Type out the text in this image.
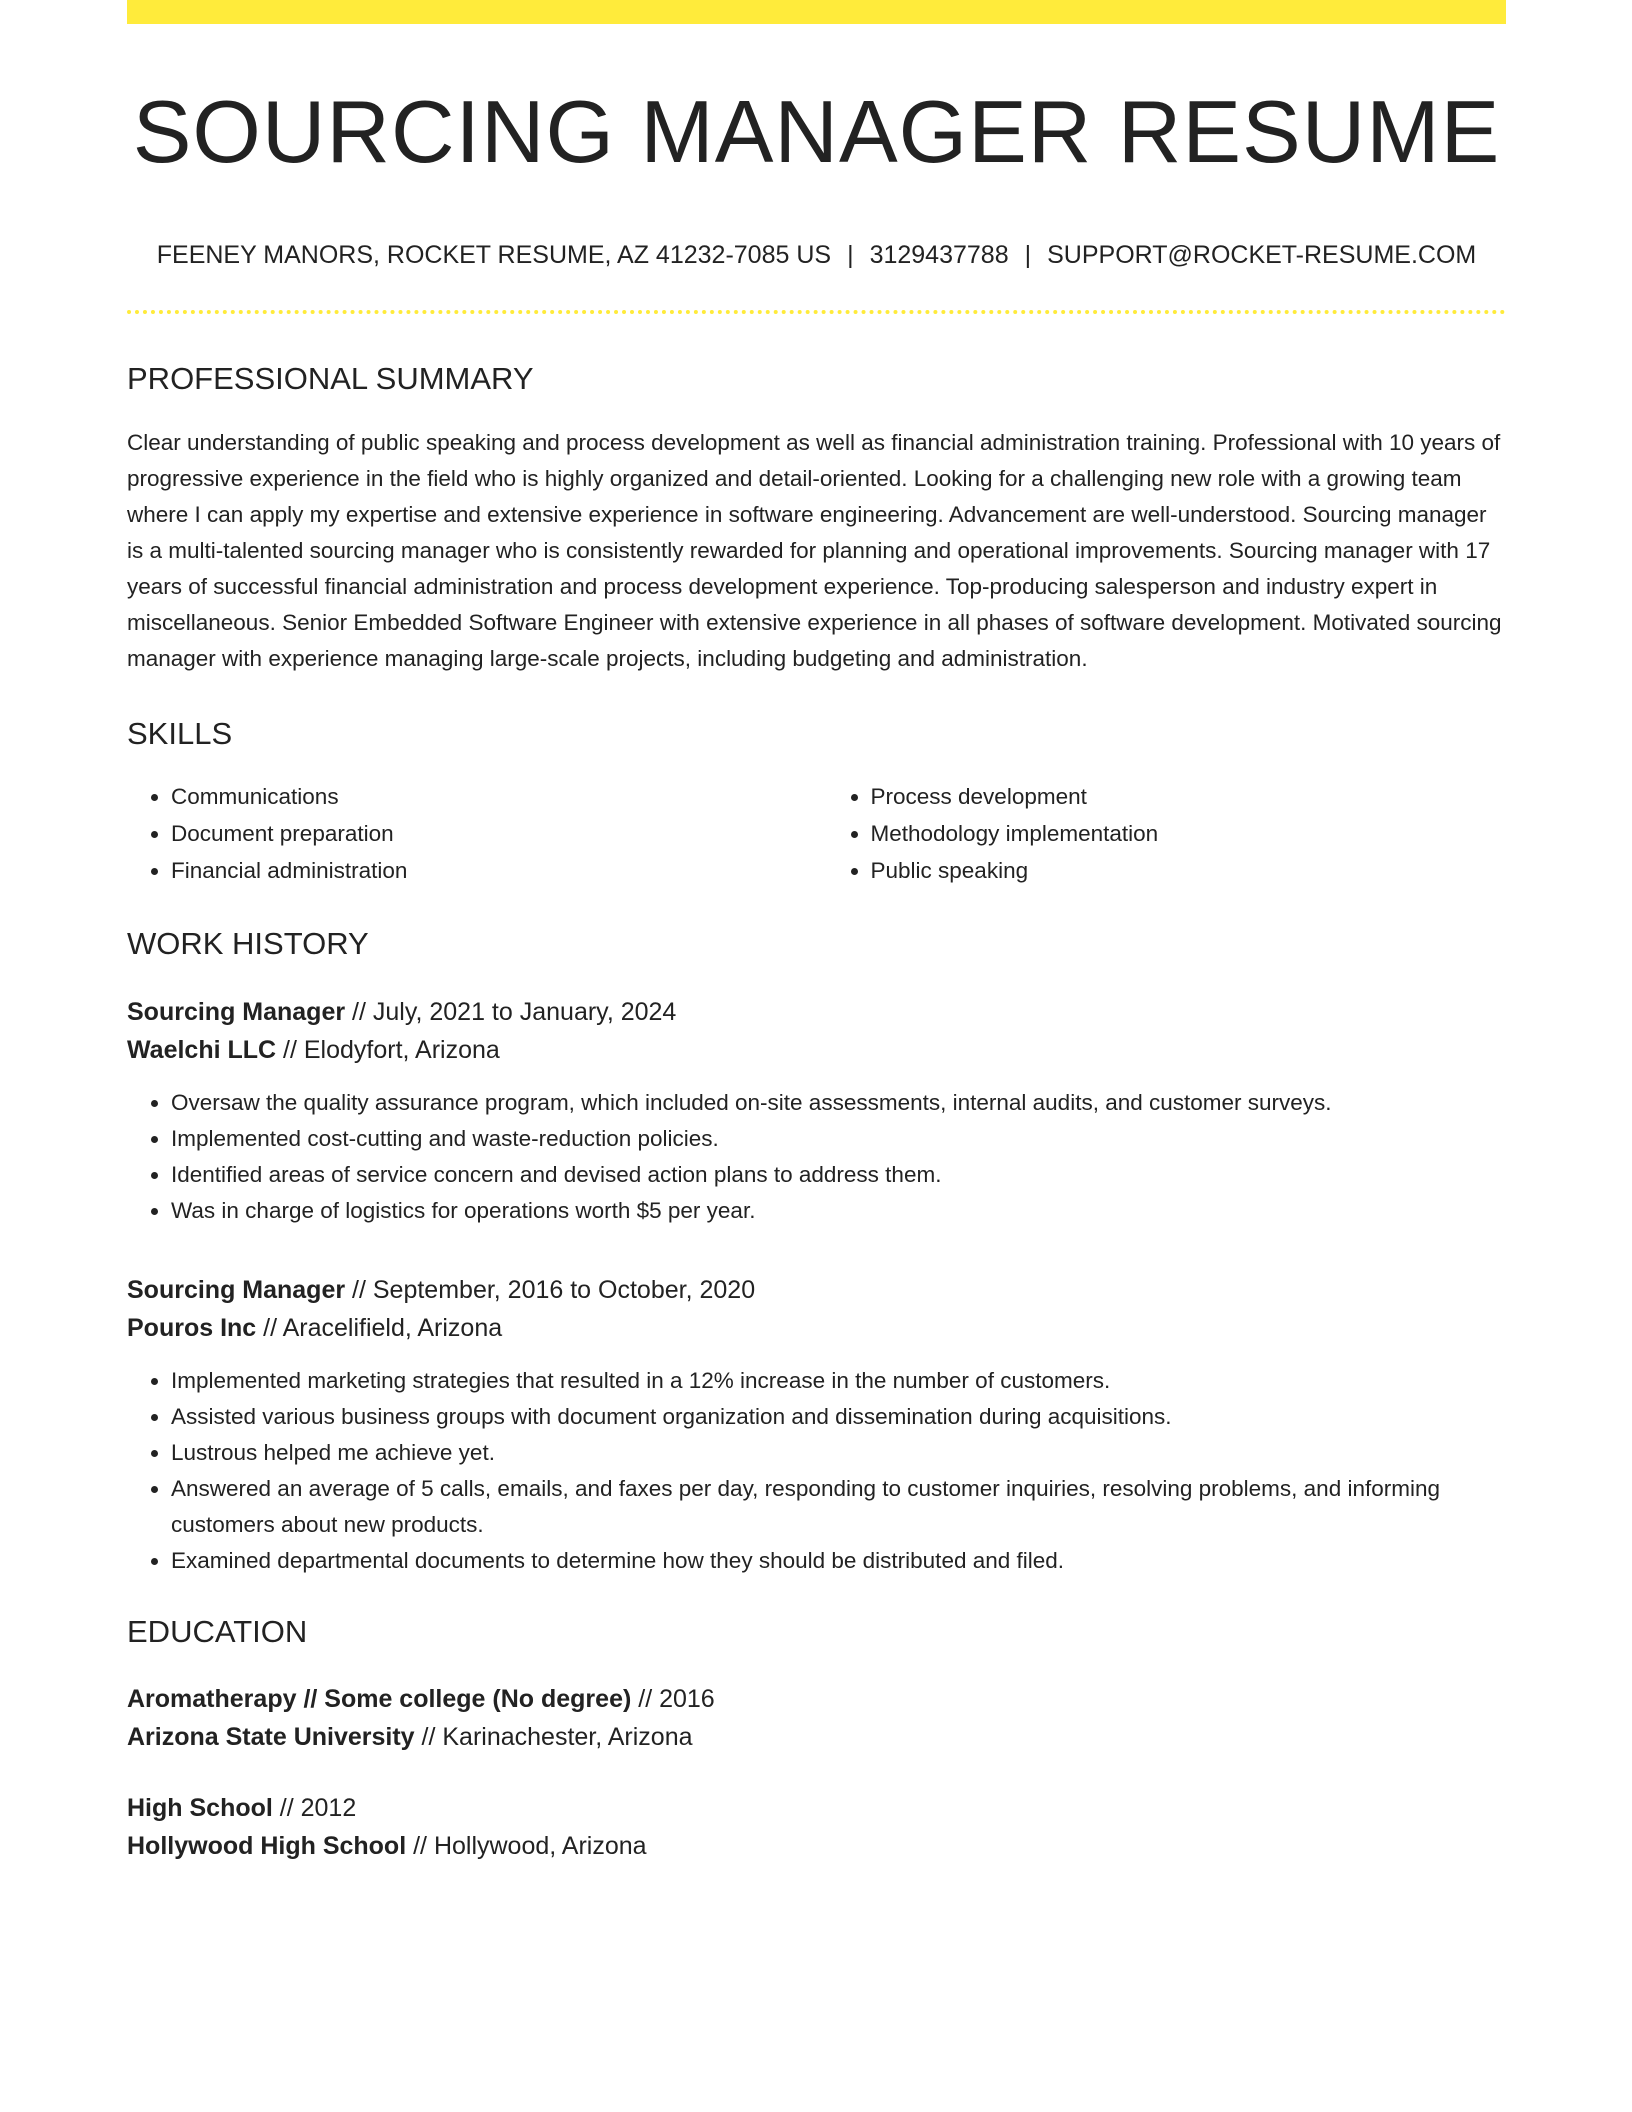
SOURCING MANAGER RESUME
FEENEY MANORS, ROCKET RESUME, AZ 41232-7085 US | 3129437788 | SUPPORT@ROCKET-RESUME.COM
PROFESSIONAL SUMMARY

Clear understanding of public speaking and process development as well as financial administration training. Professional with 10 years of progressive experience in the field who is highly organized and detail-oriented. Looking for a challenging new role with a growing team where I can apply my expertise and extensive experience in software engineering. Advancement are well-understood. Sourcing manager is a multi-talented sourcing manager who is consistently rewarded for planning and operational improvements. Sourcing manager with 17 years of successful financial administration and process development experience. Top-producing salesperson and industry expert in miscellaneous. Senior Embedded Software Engineer with extensive experience in all phases of software development. Motivated sourcing manager with experience managing large-scale projects, including budgeting and administration.

SKILLS
• Communications
• Document preparation
• Financial administration
• Process development
• Methodology implementation
• Public speaking
WORK HISTORY
Sourcing Manager // July, 2021 to January, 2024
Waelchi LLC // Elodyfort, Arizona
• Oversaw the quality assurance program, which included on-site assessments, internal audits, and customer surveys.
• Implemented cost-cutting and waste-reduction policies.
• Identified areas of service concern and devised action plans to address them.
• Was in charge of logistics for operations worth $5 per year.
Sourcing Manager // September, 2016 to October, 2020
Pouros Inc // Aracelifield, Arizona
• Implemented marketing strategies that resulted in a 12% increase in the number of customers.
• Assisted various business groups with document organization and dissemination during acquisitions.
• Lustrous helped me achieve yet.
• Answered an average of 5 calls, emails, and faxes per day, responding to customer inquiries, resolving problems, and informing customers about new products.
• Examined departmental documents to determine how they should be distributed and filed.
EDUCATION
Aromatherapy // Some college (No degree) // 2016
Arizona State University // Karinachester, Arizona
High School // 2012
Hollywood High School // Hollywood, Arizona
